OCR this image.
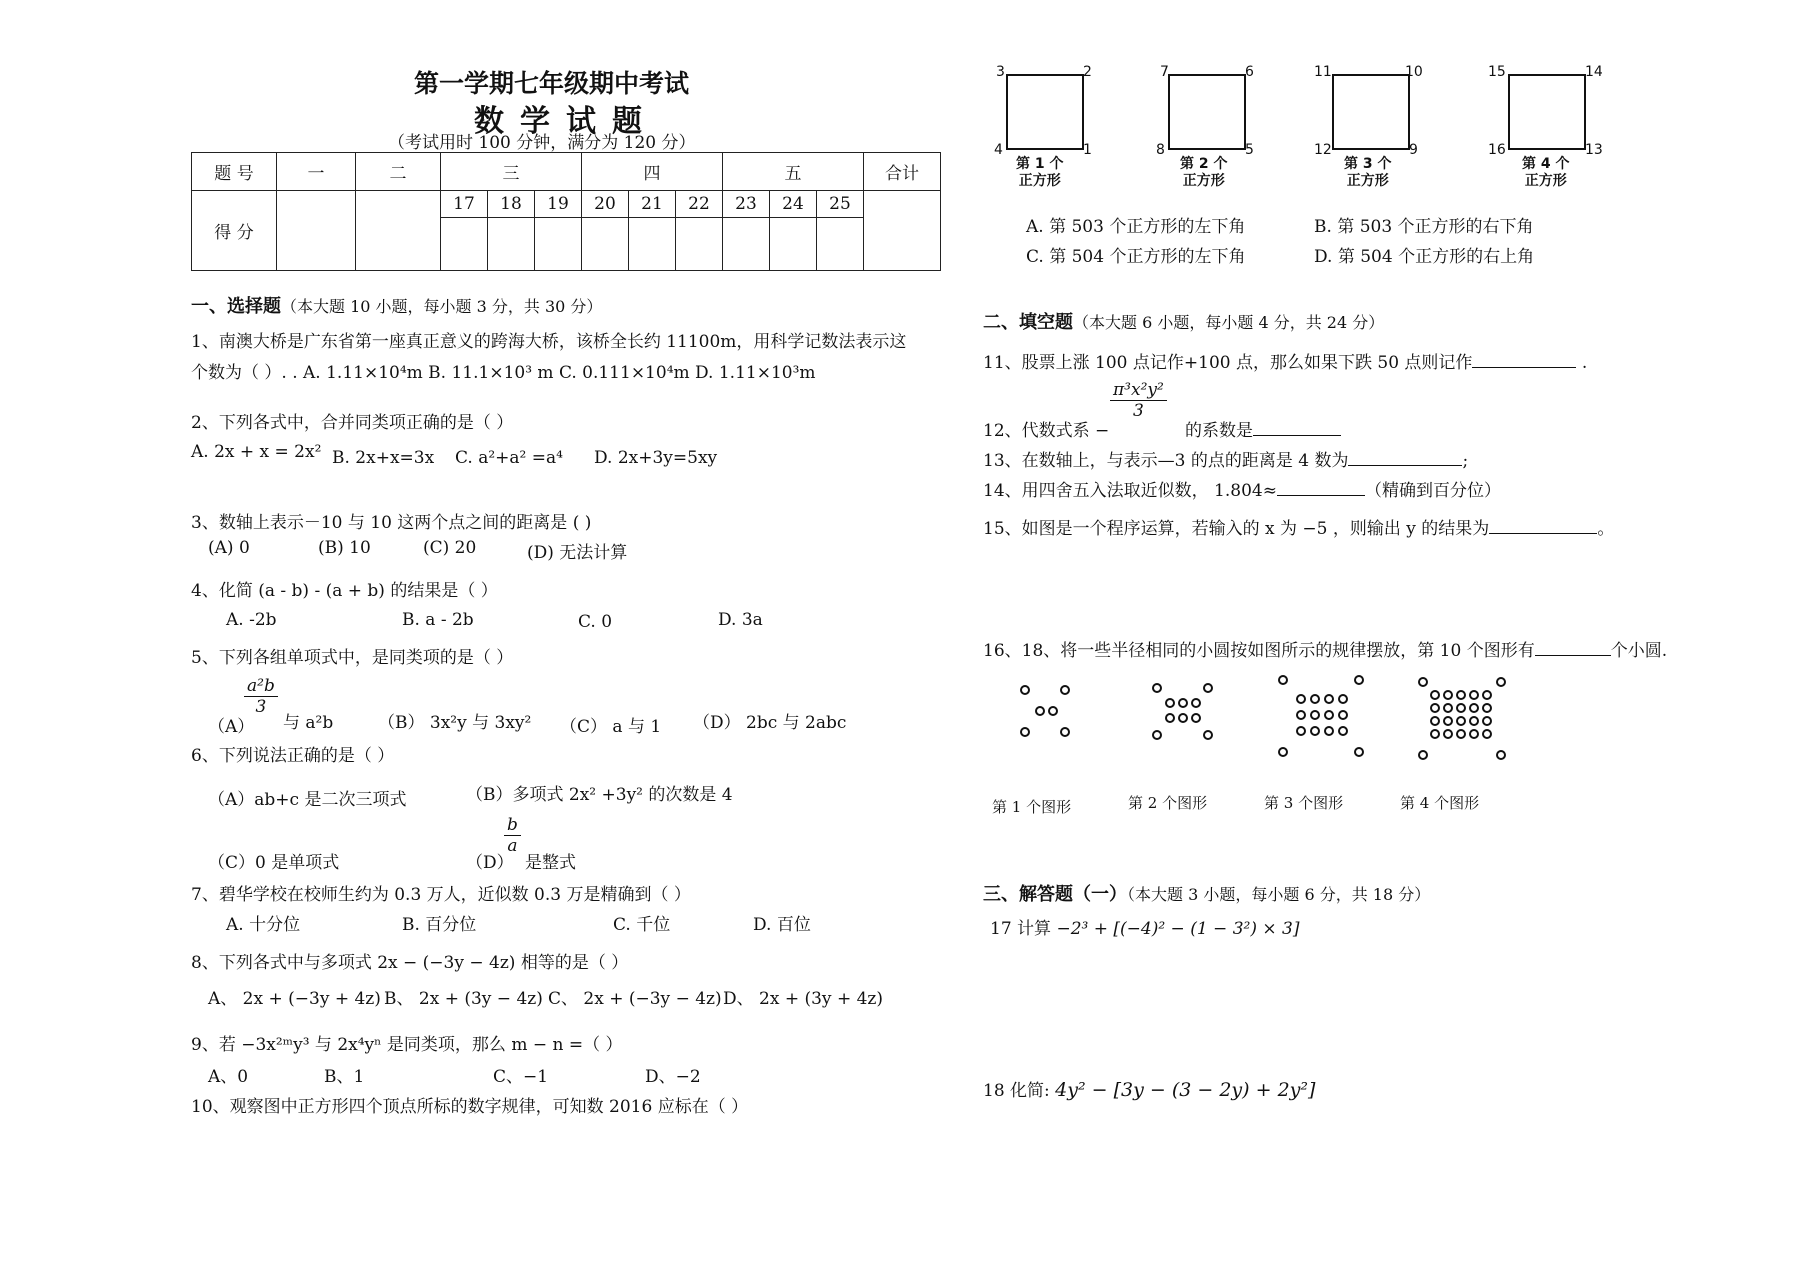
第一学期七年级期中考试
数学试题
（考试用时 100 分钟，满分为 120 分）
题 号	一	二	三			四			五			合计
得 分			17	18	19	20	21	22	23	24	25	

一、选择题（本大题 10 小题，每小题 3 分，共 30 分）
1、南澳大桥是广东省第一座真正意义的跨海大桥，该桥全长约 11100m，用科学记数法表示这
个数为（ ）. . A. 1.11×10⁴m B. 11.1×10³ m C. 0.111×10⁴m D. 1.11×10³m
2、下列各式中，合并同类项正确的是（ ）
A. 2x + x = 2x² B. 2x+x=3x C. a²+a² =a⁴ D. 2x+3y=5xy
3、数轴上表示－10 与 10 这两个点之间的距离是 ( )
(A) 0	(B) 10	(C) 20	(D) 无法计算
4、化简 (a - b) - (a + b) 的结果是（ ）
A. -2b	B. a - 2b	C. 0	D. 3a
5、下列各组单项式中，是同类项的是（ ）
（A）
$\frac{\text{a²b}}{3}$
与 a²b	（B） 3x²y 与 3xy² （C） a 与 1 （D） 2bc 与 2abc
6、下列说法正确的是（ ）
（A）ab+c 是二次三项式	（B）多项式 2x² +3y² 的次数是 4
（C）0 是单项式	（D）
$\frac{b}{a}$
是整式
7、碧华学校在校师生约为 0.3 万人，近似数 0.3 万是精确到（ ）
A. 十分位	B. 百分位	C. 千位	D. 百位
8、下列各式中与多项式 2x − (−3y − 4z) 相等的是（ ）
A、 2x + (−3y + 4z) B、 2x + (3y − 4z) C、 2x + (−3y − 4z) D、 2x + (3y + 4z)
9、若 −3x²ᵐy³ 与 2x⁴yⁿ 是同类项，那么 m − n =（ ）
A、0	B、1	C、−1	D、−2
10、观察图中正方形四个顶点所标的数字规律，可知数 2016 应标在（ ）
3	2
4	1
第 1 个
正方形
7	6
8	5
第 2 个
正方形
11	10
12	9
第 3 个
正方形
15	14
16	13
第 4 个
正方形
A. 第 503 个正方形的左下角	B. 第 503 个正方形的右下角
C. 第 504 个正方形的左下角	D. 第 504 个正方形的右上角
二、填空题（本大题 6 小题，每小题 4 分，共 24 分）
11、股票上涨 100 点记作+100 点，那么如果下跌 50 点则记作	.
12、代数式系 −
$\frac{\text{π³x²y²}}{3}$
的系数是
13、在数轴上，与表示—3 的点的距离是 4 数为	;
14、用四舍五入法取近似数， 1.804≈	（精确到百分位）
15、如图是一个程序运算，若输入的 x 为 −5 ，则输出 y 的结果为	。
16、18、将一些半径相同的小圆按如图所示的规律摆放，第 10 个图形有	个小圆.
第 1 个图形	第 2 个图形	第 3 个图形	第 4 个图形
三、解答题（一）（本大题 3 小题，每小题 6 分，共 18 分）
17 计算 −2³ + [(−4)² − (1 − 3²) × 3]
18 化简: 4y² − [3y − (3 − 2y) + 2y²]
